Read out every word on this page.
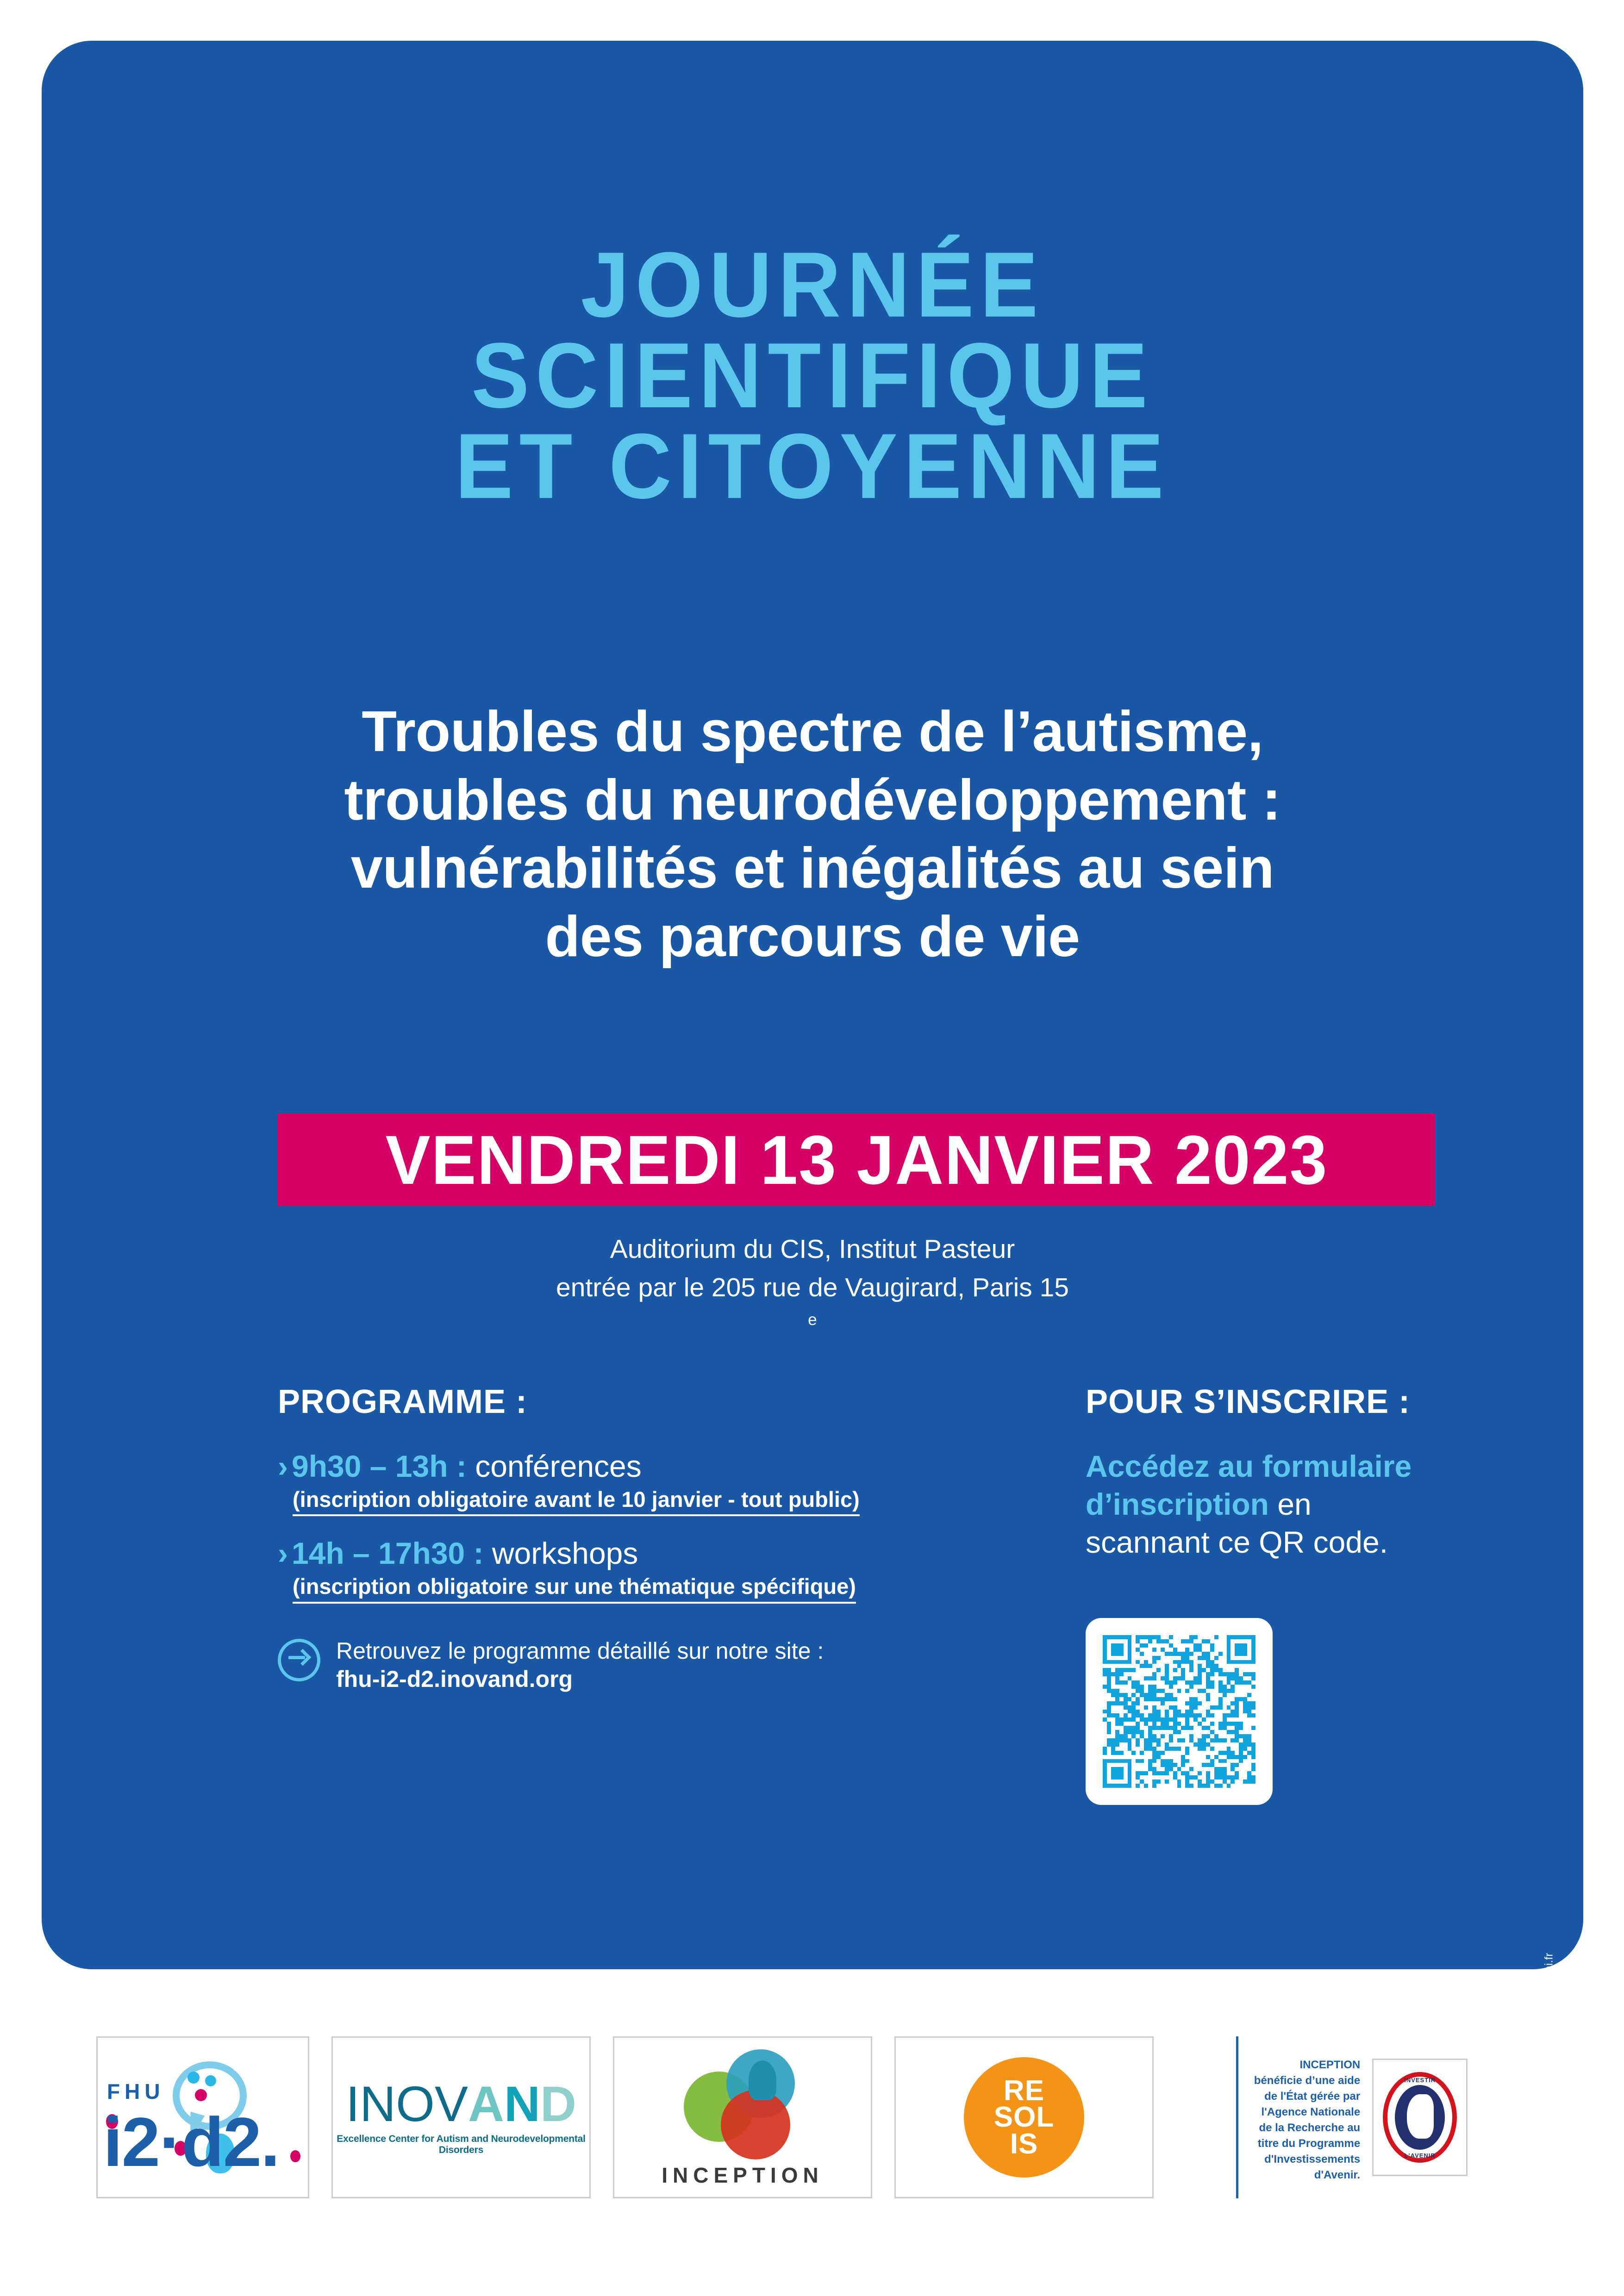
JOURNÉE
SCIENTIFIQUE
ET CITOYENNE
Troubles du spectre de l’autisme,
troubles du neurodéveloppement :
vulnérabilités et inégalités au sein
des parcours de vie
VENDREDI 13 JANVIER 2023
Auditorium du CIS, Institut Pasteur
entrée par le 205 rue de Vaugirard, Paris 15
$^e$
PROGRAMME :
› 9h30 – 13h : conférences
(inscription obligatoire avant le 10 janvier - tout public)
› 14h – 17h30 : workshops
(inscription obligatoire sur une thématique spécifique)
Retrouvez le programme détaillé sur notre site :
fhu-i2-d2.inovand.org
POUR S’INSCRIRE :
Accédez au formulaire
d’inscription en
scannant ce QR code.
20221024 - Conception et réalisation : Kromi - www.kromi.fr
FHU
i2·d2. INOVAND
Excellence Center for Autism and Neurodevelopmental Disorders
INCEPTION
RE
SOL
IS
INCEPTION
bénéficie d’une aide
de l'État gérée par
l'Agence Nationale
de la Recherche au
titre du Programme
d'Investissements
d'Avenir.
INVESTIR
L'AVENIR
